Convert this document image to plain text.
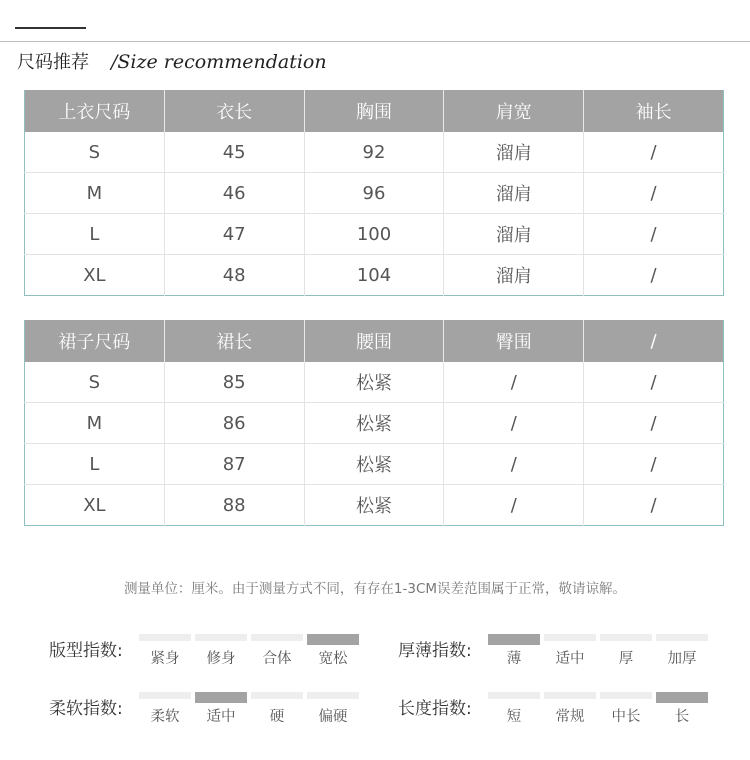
尺码推荐 /Size recommendation
上衣尺码	衣长	胸围	肩宽	袖长
S	45	92	溜肩	/
M	46	96	溜肩	/
L	47	100	溜肩	/
XL	48	104	溜肩	/
裙子尺码	裙长	腰围	臀围	/
S	85	松紧	/	/
M	86	松紧	/	/
L	87	松紧	/	/
XL	88	松紧	/	/
测量单位：厘米。由于测量方式不同，有存在1-3CM误差范围属于正常，敬请谅解。
版型指数:	紧身 修身 合体 宽松	厚薄指数:	薄 适中 厚 加厚
柔软指数:	柔软 适中 硬 偏硬	长度指数:	短 常规 中长 长
